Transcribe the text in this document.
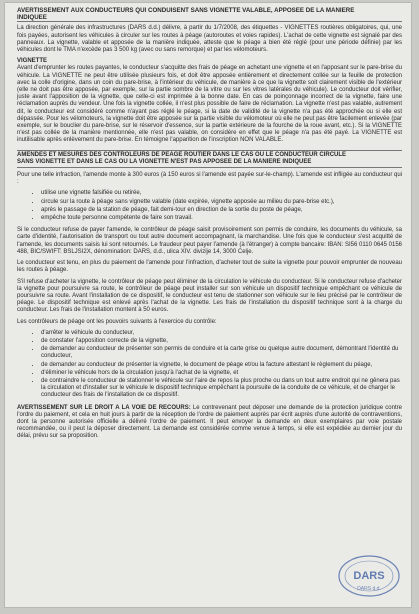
AVERTISSEMENT AUX CONDUCTEURS QUI CONDUISENT SANS VIGNETTE VALABLE, APPOSEE DE LA MANIERE

INDIQUEE

La direction générale des infrastructures (DARS d.d.) délivre, à partir du 1/7/2008, des étiquettes - VIGNETTES routières obligatoires, qui, une fois payées, autorisent les véhicules à circuler sur les routes à péage (autoroutes et voies rapides). L'achat de cette vignette est signalé par des panneaux. La vignette, valable et apposée de la manière indiquée, atteste que le péage a bien été réglé (pour une période définie) par les véhicules dont le TMA n'excède pas 3 500 kg (avec ou sans remorque) et par les vélomoteurs.

VIGNETTE

Avant d'emprunter les routes payantes, le conducteur s'acquitte des frais de péage en achetant une vignette et en l'apposant sur le pare-brise du véhicule. La VIGNETTE ne peut être utilisée plusieurs fois, et doit être apposée entièrement et directement collée sur la feuille de protection avec la colle d'origine, dans un coin du pare-brise, à l'intérieur du véhicule, de manière à ce que la vignette soit clairement visible de l'extérieur (elle ne doit pas être apposée, par exemple, sur la partie sombre de la vitre ou sur les vitres latérales du véhicule). Le conducteur doit vérifier, juste avant l'apposition de la vignette, que celle-ci est imprimée à la bonne date. En cas de poinçonnage incorrect de la vignette, faire une réclamation auprès du vendeur. Une fois la vignette collée, il n'est plus possible de faire de réclamation. La vignette n'est pas valable, autrement dit, le conducteur est considéré comme n'ayant pas réglé le péage, si la date de validité de la vignette n'a pas été approchée ou si elle est dépassée. Pour les vélomoteurs, la vignette doit être apposée sur la partie visible du vélomoteur où elle ne peut pas être facilement enlevée (par exemple, sur le bouclier du pare-brise, sur le réservoir d'essence, sur la partie extérieure de la fourche de la roue avant, etc.). Si la VIGNETTE n'est pas collée de la manière mentionnée, elle n'est pas valable, on considère en effet que le péage n'a pas été payé. La VIGNETTE est inutilisable après enlèvement du pare-brise. En témoigne l'apparition de l'inscription NON VALABLE.

AMENDES ET MESURES DES CONTROLEURS DE PEAGE ROUTIER DANS LE CAS OU LE CONDUCTEUR CIRCULE

SANS VIGNETTE ET DANS LE CAS OU LA VIGNETTE N'EST PAS APPOSEE DE LA MANIERE INDIQUEE

Pour une telle infraction, l'amende monte à 300 euros (à 150 euros si l'amende est payée sur-le-champ). L'amende est infligée au conducteur qui :

• utilise une vignette falsifiée ou retirée,
• circule sur la route à péage sans vignette valable (date expirée, vignette apposée au milieu du pare-brise etc.),
• après le passage de la station de péage, fait demi-tour en direction de la sortie du poste de péage,
• empêche toute personne compétente de faire son travail.

Si le conducteur refuse de payer l'amende, le contrôleur de péage saisit provisoirement son permis de conduire, les documents du véhicule, sa carte d'identité, l'autorisation de transport ou tout autre document accompagnant, la marchandise. Une fois que le conducteur s'est acquitté de l'amende, les documents saisis lui sont retournés. Le fraudeur peut payer l'amende (à l'étranger) à compte bancaire: IBAN: SI56 0110 0645 0156 488, BIC/SWIFT: BSLJSI2X, dénomination: DARS, d.d., ulica XIV. divizije 14, 3000 Celje.

Le conducteur est tenu, en plus du paiement de l'amende pour l'infraction, d'acheter tout de suite la vignette pour pouvoir emprunter de nouveau les routes à péage.

S'il refuse d'acheter la vignette, le contrôleur de péage peut éliminer de la circulation le véhicule du conducteur. Si le conducteur refuse d'acheter la vignette pour poursuivre sa route, le contrôleur de péage peut installer sur son véhicule un dispositif technique empêchant ce véhicule de poursuivre sa route. Avant l'installation de ce dispositif, le conducteur est tenu de stationner son véhicule sur le lieu précisé par le contrôleur de péage. Le dispositif technique est enlevé après l'achat de la vignette. Les frais de l'installation du dispositif technique sont à la charge du conducteur. Les frais de l'installation montent à 50 euros.

Les contrôleurs de péage ont les pouvoirs suivants à l'exercice du contrôle:

• d'arrêter le véhicule du conducteur,
• de constater l'apposition correcte de la vignette,
• de demander au conducteur de présenter son permis de conduire et la carte grise ou quelque autre document, démontrant l'identité du conducteur,
• de demander au conducteur de présenter la vignette, le document de péage et/ou la facture attestant le règlement du péage,
• d'éliminer le véhicule hors de la circulation jusqu'à l'achat de la vignette, et
• de contraindre le conducteur de stationner le véhicule sur l'aire de repos la plus proche ou dans un tout autre endroit qui ne gênera pas la circulation et d'installer sur le véhicule le dispositif technique empêchant la poursuite de la conduite de ce véhicule, et de charger le conducteur des frais de l'installation de ce dispositif.

AVERTISSEMENT SUR LE DROIT A LA VOIE DE RECOURS: Le contrevenant peut déposer une demande de la protection juridique contre l'ordre du paiement, et cela en huit jours à partir de la réception de l'ordre de paiement auprès par écrit auprès d'une autorité de contraventions, dont la personne autorisée officielle a délivré l'ordre de paiement. Il peut envoyer la demande en deux exemplaires par voie postale recommandée, ou il peut la déposer directement. La demande est considérée comme venue à temps, si elle est expédiée au dernier jour du délai, prévu sur sa proposition.

DARS
DARS d.d.
